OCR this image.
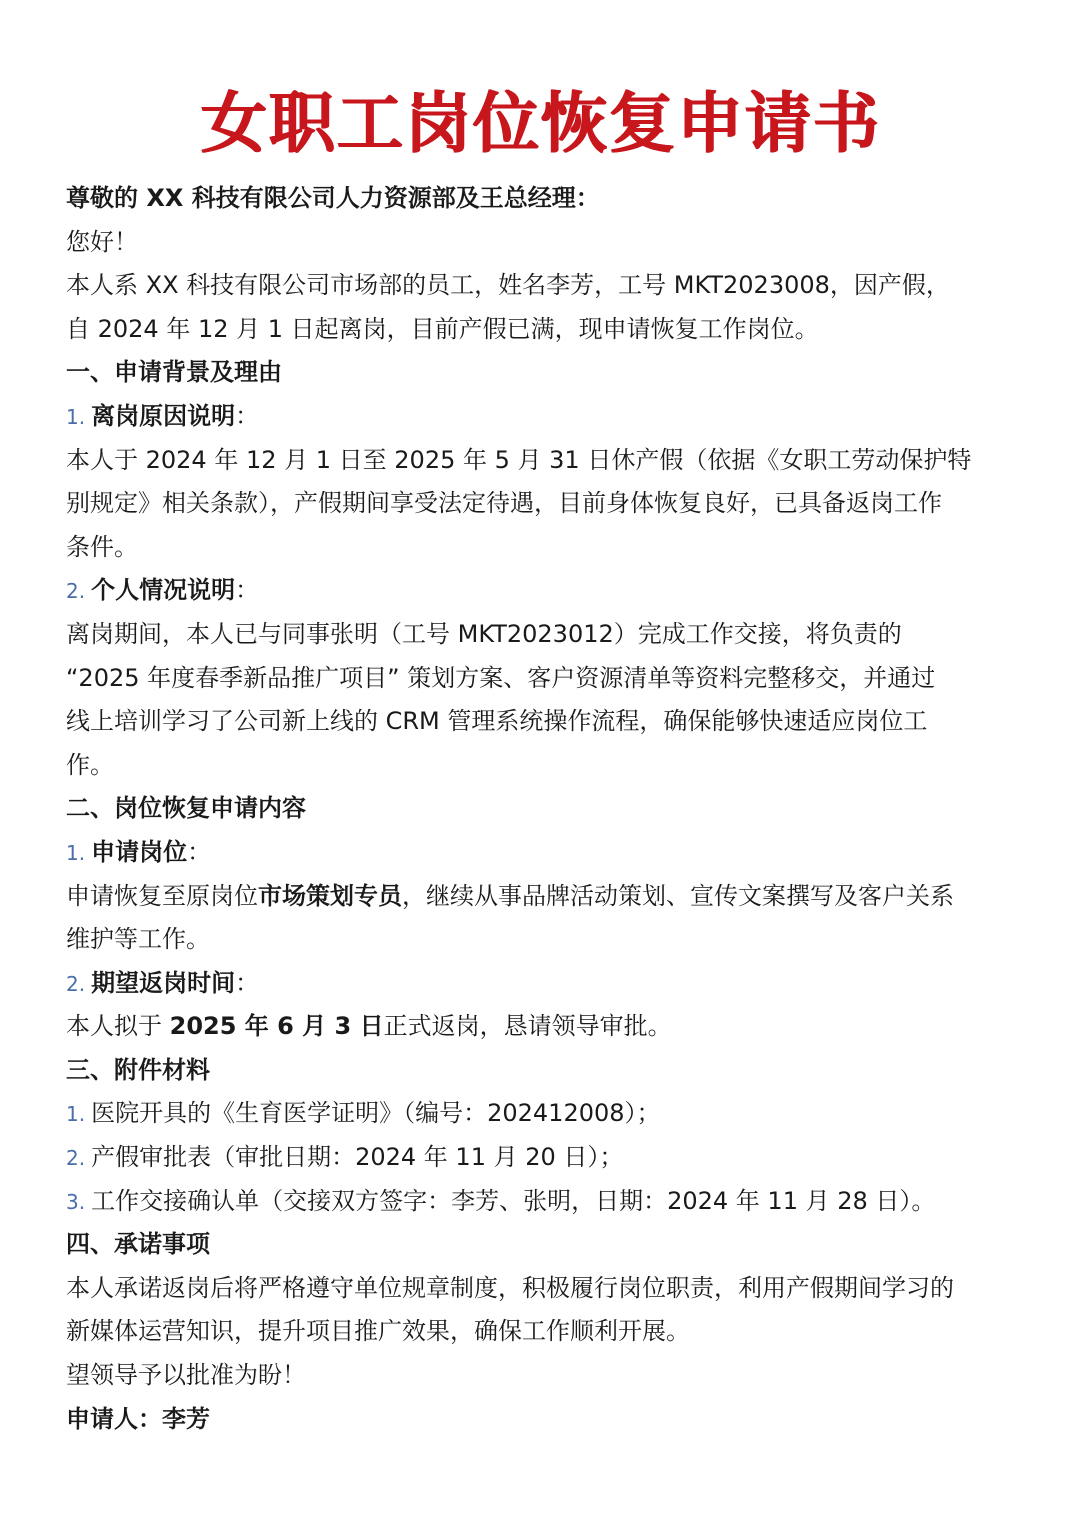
女职工岗位恢复申请书
尊敬的 XX 科技有限公司人力资源部及王总经理：
您好！
本人系 XX 科技有限公司市场部的员工，姓名李芳，工号 MKT2023008，因产假，
自 2024 年 12 月 1 日起离岗，目前产假已满，现申请恢复工作岗位。
一、申请背景及理由
1. 离岗原因说明：
本人于 2024 年 12 月 1 日至 2025 年 5 月 31 日休产假（依据《女职工劳动保护特
别规定》相关条款），产假期间享受法定待遇，目前身体恢复良好，已具备返岗工作
条件。
2. 个人情况说明：
离岗期间，本人已与同事张明（工号 MKT2023012）完成工作交接，将负责的
“2025 年度春季新品推广项目” 策划方案、客户资源清单等资料完整移交，并通过
线上培训学习了公司新上线的 CRM 管理系统操作流程，确保能够快速适应岗位工
作。
二、岗位恢复申请内容
1. 申请岗位：
申请恢复至原岗位市场策划专员，继续从事品牌活动策划、宣传文案撰写及客户关系
维护等工作。
2. 期望返岗时间：
本人拟于 2025 年 6 月 3 日正式返岗，恳请领导审批。
三、附件材料
1. 医院开具的《生育医学证明》（编号：202412008）；
2. 产假审批表（审批日期：2024 年 11 月 20 日）；
3. 工作交接确认单（交接双方签字：李芳、张明，日期：2024 年 11 月 28 日）。
四、承诺事项
本人承诺返岗后将严格遵守单位规章制度，积极履行岗位职责，利用产假期间学习的
新媒体运营知识，提升项目推广效果，确保工作顺利开展。
望领导予以批准为盼！
申请人：李芳
